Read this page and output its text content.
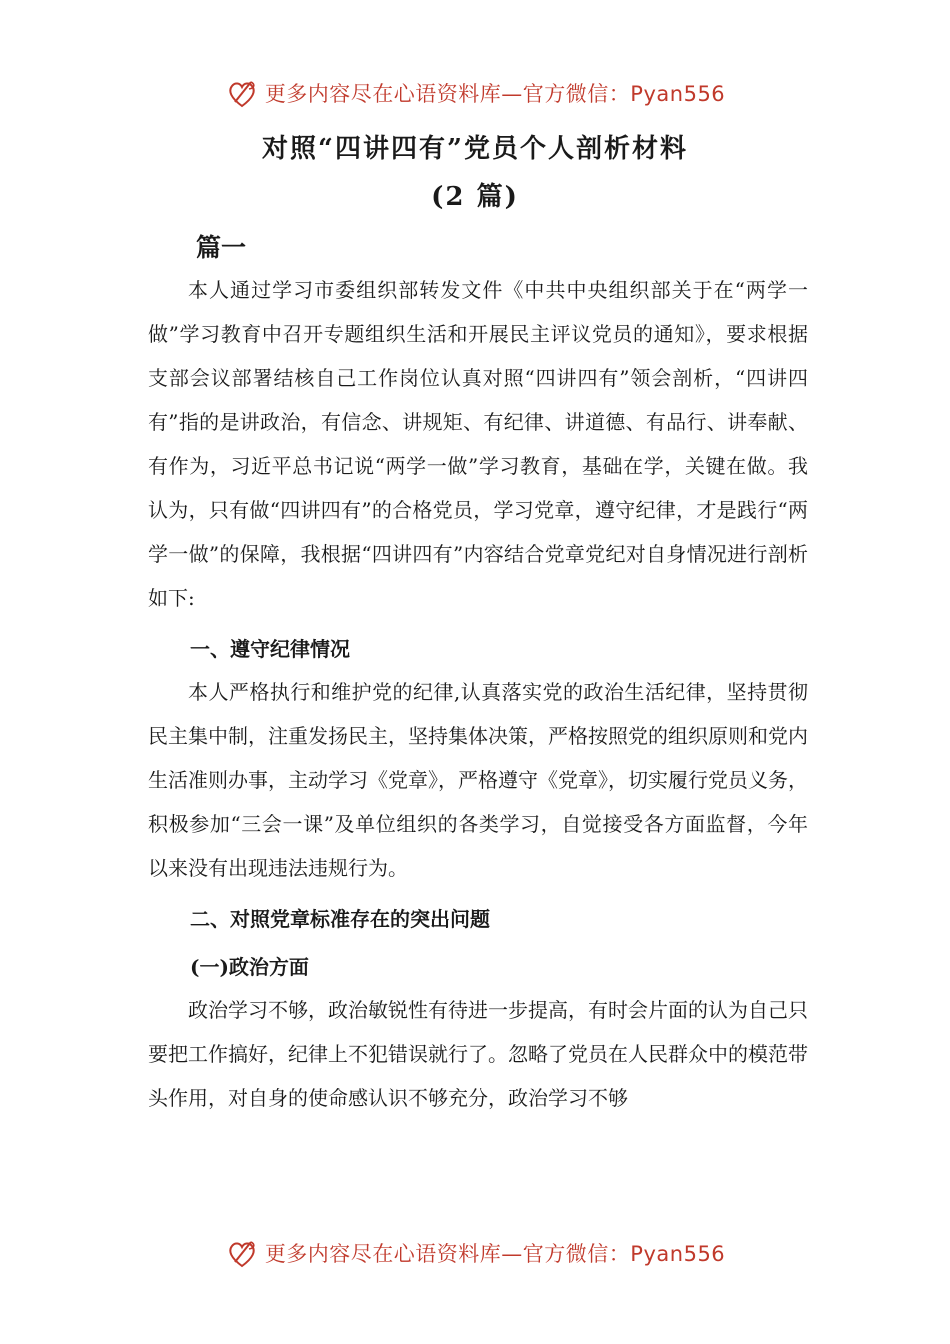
更多内容尽在心语资料库—官方微信：Pyan556
对照“四讲四有”党员个人剖析材料
(2 篇)
篇一

本人通过学习市委组织部转发文件《中共中央组织部关于在“两学一做”学习教育中召开专题组织生活和开展民主评议党员的通知》，要求根据支部会议部署结核自己工作岗位认真对照“四讲四有”领会剖析，“四讲四有”指的是讲政治，有信念、讲规矩、有纪律、讲道德、有品行、讲奉献、有作为，习近平总书记说“两学一做”学习教育，基础在学，关键在做。我认为，只有做“四讲四有”的合格党员，学习党章，遵守纪律，才是践行“两学一做”的保障，我根据“四讲四有”内容结合党章党纪对自身情况进行剖析如下:

一、遵守纪律情况

本人严格执行和维护党的纪律,认真落实党的政治生活纪律，坚持贯彻民主集中制，注重发扬民主，坚持集体决策，严格按照党的组织原则和党内生活准则办事，主动学习《党章》，严格遵守《党章》，切实履行党员义务，积极参加“三会一课”及单位组织的各类学习，自觉接受各方面监督，今年以来没有出现违法违规行为。

二、对照党章标准存在的突出问题
(一)政治方面

政治学习不够，政治敏锐性有待进一步提高，有时会片面的认为自己只要把工作搞好，纪律上不犯错误就行了。忽略了党员在人民群众中的模范带头作用，对自身的使命感认识不够充分，政治学习不够

更多内容尽在心语资料库—官方微信：Pyan556
